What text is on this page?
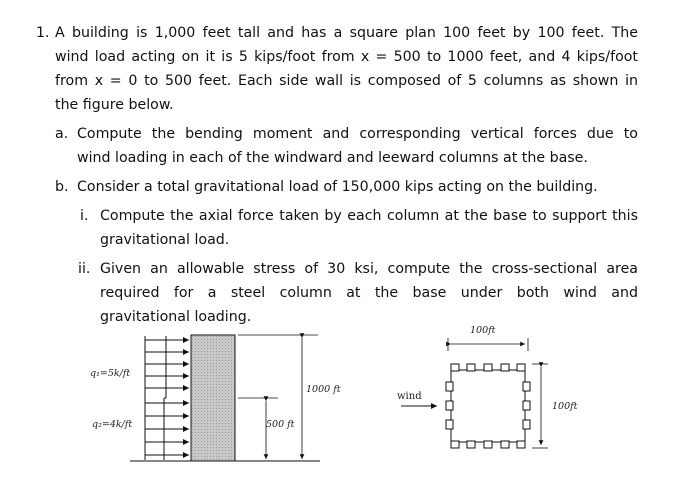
1. A building is 1,000 feet tall and has a square plan 100 feet by 100 feet. The
wind load acting on it is 5 kips/foot from x = 500 to 1000 feet, and 4 kips/foot
from x = 0 to 500 feet. Each side wall is composed of 5 columns as shown in
the figure below.
a. Compute the bending moment and corresponding vertical forces due to
wind loading in each of the windward and leeward columns at the base.
b. Consider a total gravitational load of 150,000 kips acting on the building.
i. Compute the axial force taken by each column at the base to support this
gravitational load.
ii. Given an allowable stress of 30 ksi, compute the cross-sectional area
required for a steel column at the base under both wind and
gravitational loading.
q₁=5k/ft
q₂=4k/ft
1000 ft
500 ft
wind
100ft
100ft
